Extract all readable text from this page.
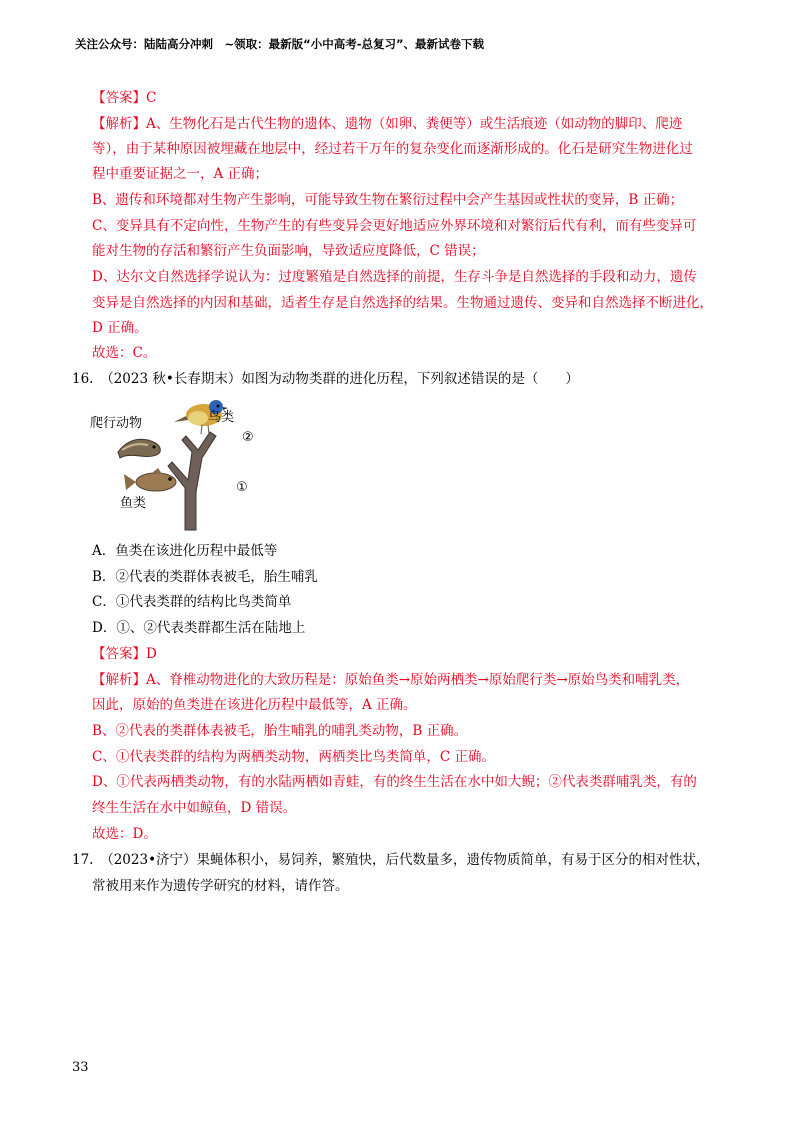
关注公众号：陆陆高分冲刺　~领取：最新版“小中高考-总复习”、最新试卷下载
【答案】C
【解析】A、生物化石是古代生物的遗体、遗物（如卵、粪便等）或生活痕迹（如动物的脚印、爬迹
等），由于某种原因被埋藏在地层中，经过若干万年的复杂变化而逐渐形成的。化石是研究生物进化过
程中重要证据之一，A 正确；
B、遗传和环境都对生物产生影响，可能导致生物在繁衍过程中会产生基因或性状的变异，B 正确；
C、变异具有不定向性，生物产生的有些变异会更好地适应外界环境和对繁衍后代有利，而有些变异可
能对生物的存活和繁衍产生负面影响，导致适应度降低，C 错误；
D、达尔文自然选择学说认为：过度繁殖是自然选择的前提，生存斗争是自然选择的手段和动力，遗传
变异是自然选择的内因和基础，适者生存是自然选择的结果。生物通过遗传、变异和自然选择不断进化，
D 正确。
故选：C。
16.　（2023 秋•长春期末）如图为动物类群的进化历程，下列叙述错误的是（　　）
爬行动物	鸟类
②
①
鱼类
A．鱼类在该进化历程中最低等
B．②代表的类群体表被毛，胎生哺乳
C．①代表类群的结构比鸟类简单
D．①、②代表类群都生活在陆地上
【答案】D
【解析】A、脊椎动物进化的大致历程是：原始鱼类→原始两栖类→原始爬行类→原始鸟类和哺乳类，
因此，原始的鱼类进在该进化历程中最低等，A 正确。
B、②代表的类群体表被毛，胎生哺乳的哺乳类动物，B 正确。
C、①代表类群的结构为两栖类动物，两栖类比鸟类简单，C 正确。
D、①代表两栖类动物，有的水陆两栖如青蛙，有的终生生活在水中如大鲵；②代表类群哺乳类，有的
终生生活在水中如鲸鱼，D 错误。
故选：D。
17.　（2023•济宁）果蝇体积小，易饲养，繁殖快，后代数量多，遗传物质简单，有易于区分的相对性状，
常被用来作为遗传学研究的材料，请作答。
33
